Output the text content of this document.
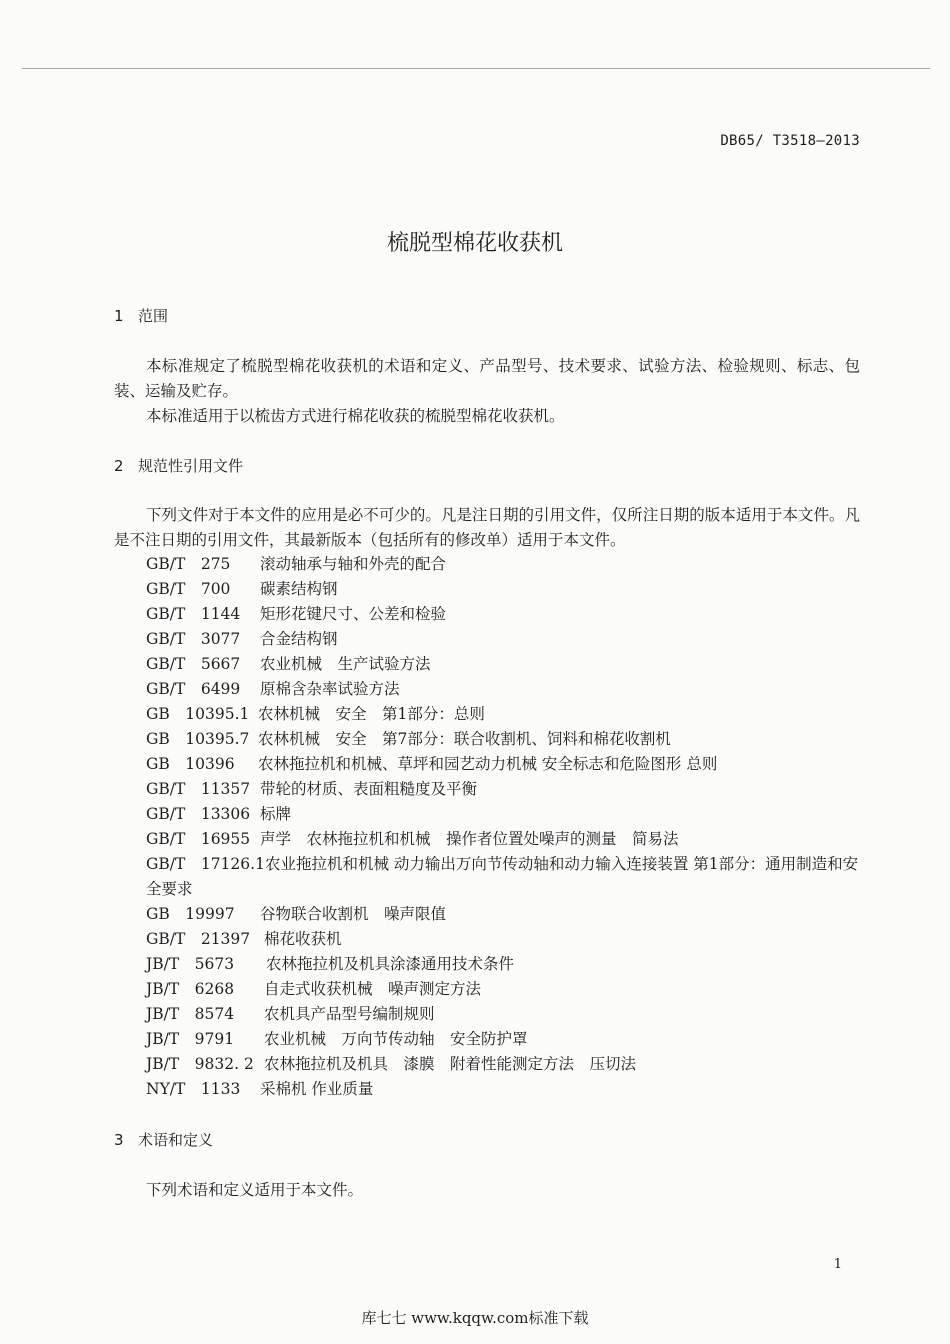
DB65/ T3518—2013
梳脱型棉花收获机
1 范围

本标准规定了梳脱型棉花收获机的术语和定义、产品型号、技术要求、试验方法、检验规则、标志、包装、运输及贮存。

本标准适用于以梳齿方式进行棉花收获的梳脱型棉花收获机。

2 规范性引用文件

下列文件对于本文件的应用是必不可少的。凡是注日期的引用文件，仅所注日期的版本适用于本文件。凡是不注日期的引用文件，其最新版本（包括所有的修改单）适用于本文件。

GB/T　275 滚动轴承与轴和外壳的配合
GB/T　700 碳素结构钢
GB/T　1144 矩形花键尺寸、公差和检验
GB/T　3077 合金结构钢
GB/T　5667 农业机械　生产试验方法
GB/T　6499 原棉含杂率试验方法
GB　10395.1 农林机械　安全　第1部分：总则
GB　10395.7 农林机械　安全　第7部分：联合收割机、饲料和棉花收割机
GB　10396 农林拖拉机和机械、草坪和园艺动力机械 安全标志和危险图形 总则
GB/T　11357 带轮的材质、表面粗糙度及平衡
GB/T　13306 标牌
GB/T　16955 声学　农林拖拉机和机械　操作者位置处噪声的测量　简易法
GB/T　17126.1农业拖拉机和机械 动力输出万向节传动轴和动力输入连接装置 第1部分：通用制造和安全要求
GB　19997 谷物联合收割机　噪声限值
GB/T　21397 棉花收获机
JB/T　5673 农林拖拉机及机具涂漆通用技术条件
JB/T　6268 自走式收获机械　噪声测定方法
JB/T　8574 农机具产品型号编制规则
JB/T　9791 农业机械　万向节传动轴　安全防护罩
JB/T　9832. 2 农林拖拉机及机具　漆膜　附着性能测定方法　压切法
NY/T　1133 采棉机 作业质量
3 术语和定义

下列术语和定义适用于本文件。

1
库七七 www.kqqw.com标准下载
